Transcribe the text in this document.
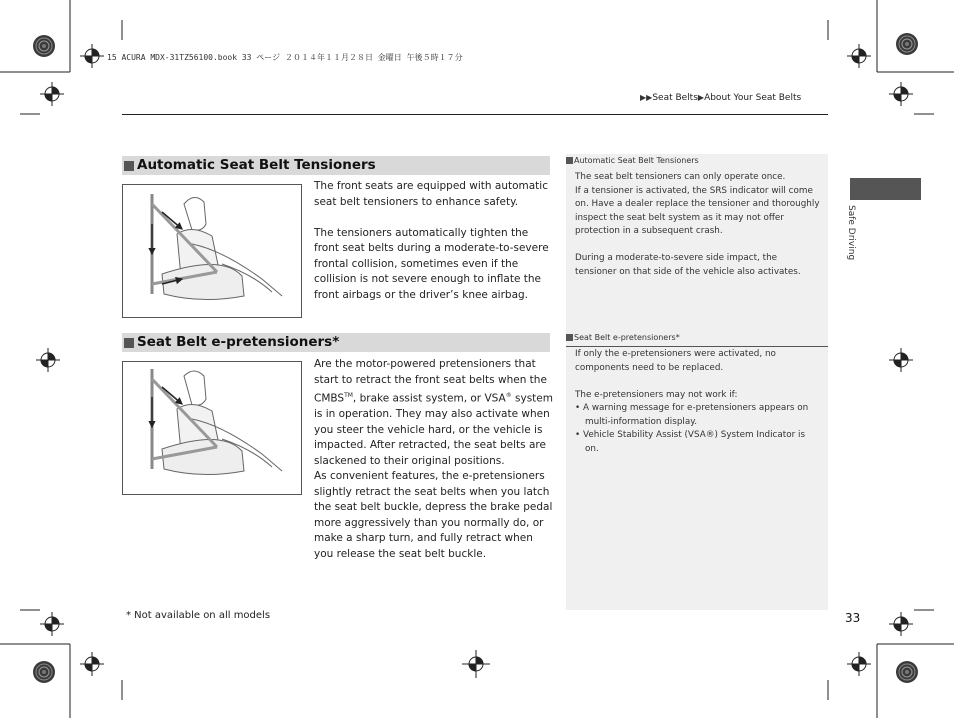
15 ACURA MDX-31TZ56100.book 33 ページ ２０１４年１１月２８日 金曜日 午後５時１７分
▶▶Seat Belts▶About Your Seat Belts
Automatic Seat Belt Tensioners

The front seats are equipped with automatic seat belt tensioners to enhance safety.

The tensioners automatically tighten the front seat belts during a moderate-to-severe frontal collision, sometimes even if the collision is not severe enough to inflate the front airbags or the driver’s knee airbag.

Seat Belt e-pretensioners*

Are the motor-powered pretensioners that start to retract the front seat belts when the CMBS™, brake assist system, or VSA® system is in operation. They may also activate when you steer the vehicle hard, or the vehicle is impacted. After retracted, the seat belts are slackened to their original positions.

As convenient features, the e-pretensioners slightly retract the seat belts when you latch the seat belt buckle, depress the brake pedal more aggressively than you normally do, or make a sharp turn, and fully retract when you release the seat belt buckle.

Automatic Seat Belt Tensioners

The seat belt tensioners can only operate once.

If a tensioner is activated, the SRS indicator will come on. Have a dealer replace the tensioner and thoroughly inspect the seat belt system as it may not offer protection in a subsequent crash.

During a moderate-to-severe side impact, the tensioner on that side of the vehicle also activates.

Seat Belt e-pretensioners*

If only the e-pretensioners were activated, no components need to be replaced.

The e-pretensioners may not work if:

• A warning message for e-pretensioners appears on multi-information display.

• Vehicle Stability Assist (VSA®) System Indicator is on.

Safe Driving
* Not available on all models	33
